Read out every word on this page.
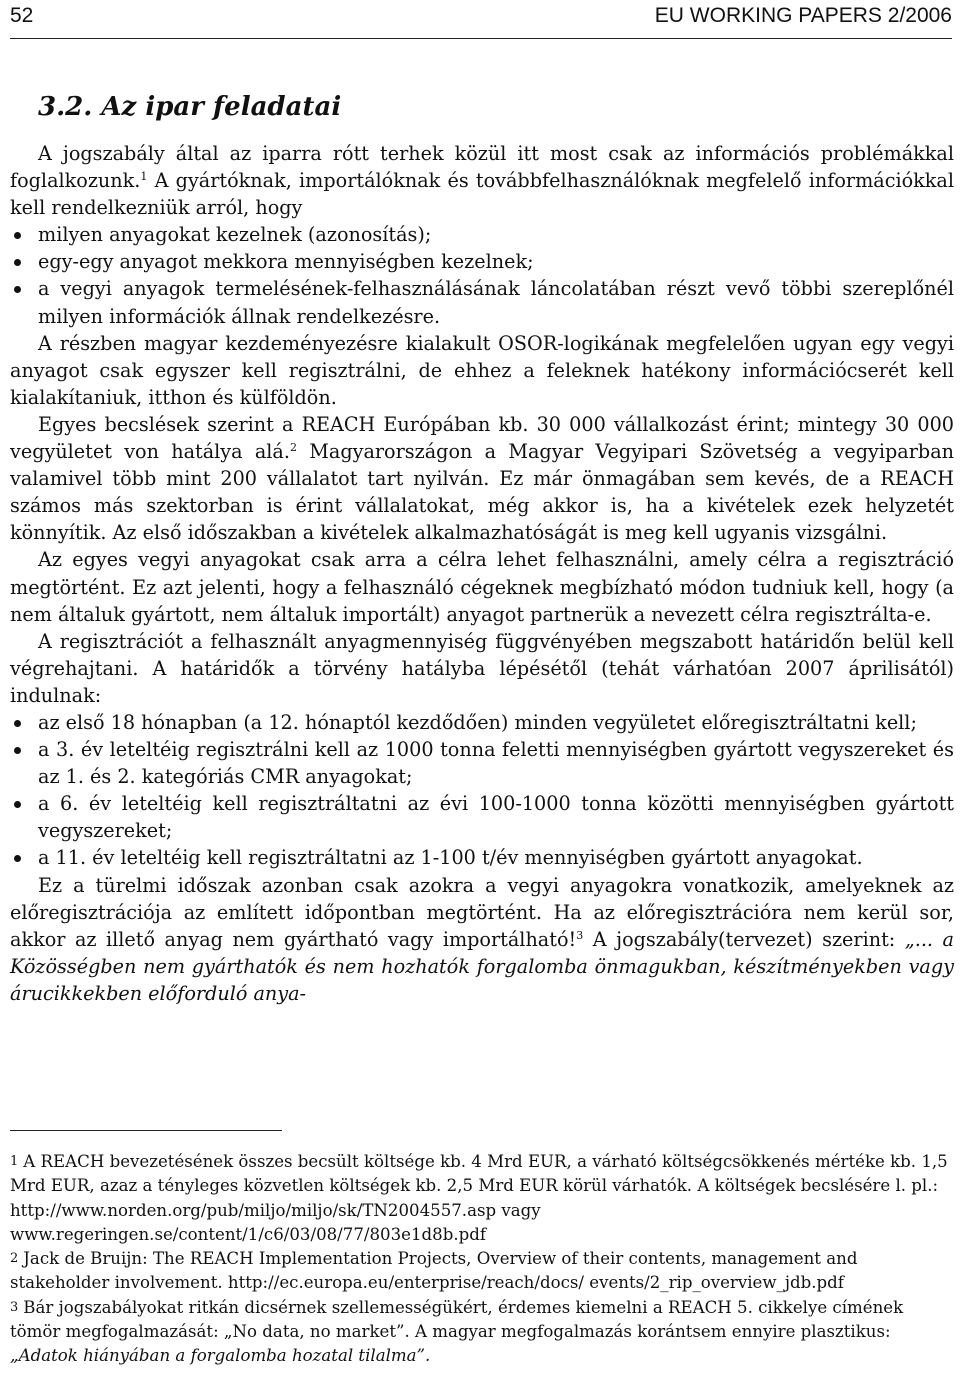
52	EU WORKING PAPERS 2/2006
3.2. Az ipar feladatai

A jogszabály által az iparra rótt terhek közül itt most csak az információs problémákkal foglalkozunk.$^1$ A gyártóknak, importálóknak és továbbfelhasználóknak megfelelő információkkal kell rendelkezniük arról, hogy

milyen anyagokat kezelnek (azonosítás);
egy-egy anyagot mekkora mennyiségben kezelnek;
a vegyi anyagok termelésének-felhasználásának láncolatában részt vevő többi szereplőnél milyen információk állnak rendelkezésre.

A részben magyar kezdeményezésre kialakult OSOR-logikának megfelelően ugyan egy vegyi anyagot csak egyszer kell regisztrálni, de ehhez a feleknek hatékony információcserét kell kialakítaniuk, itthon és külföldön.

Egyes becslések szerint a REACH Európában kb. 30 000 vállalkozást érint; mintegy 30 000 vegyületet von hatálya alá.$^2$ Magyarországon a Magyar Vegyipari Szövetség a vegyiparban valamivel több mint 200 vállalatot tart nyilván. Ez már önmagában sem kevés, de a REACH számos más szektorban is érint vállalatokat, még akkor is, ha a kivételek ezek helyzetét könnyítik. Az első időszakban a kivételek alkalmazhatóságát is meg kell ugyanis vizsgálni.

Az egyes vegyi anyagokat csak arra a célra lehet felhasználni, amely célra a regisztráció megtörtént. Ez azt jelenti, hogy a felhasználó cégeknek megbízható módon tudniuk kell, hogy (a nem általuk gyártott, nem általuk importált) anyagot partnerük a nevezett célra regisztrálta-e.

A regisztrációt a felhasznált anyagmennyiség függvényében megszabott határidőn belül kell végrehajtani. A határidők a törvény hatályba lépésétől (tehát várhatóan 2007 áprilisától) indulnak:

az első 18 hónapban (a 12. hónaptól kezdődően) minden vegyületet előregisztráltatni kell;
a 3. év leteltéig regisztrálni kell az 1000 tonna feletti mennyiségben gyártott vegyszereket és az 1. és 2. kategóriás CMR anyagokat;
a 6. év leteltéig kell regisztráltatni az évi 100-1000 tonna közötti mennyiségben gyártott vegyszereket;
a 11. év leteltéig kell regisztráltatni az 1-100 t/év mennyiségben gyártott anyagokat.

Ez a türelmi időszak azonban csak azokra a vegyi anyagokra vonatkozik, amelyeknek az előregisztrációja az említett időpontban megtörtént. Ha az előregisztrációra nem kerül sor, akkor az illető anyag nem gyártható vagy importálható!$^3$ A jogszabály(tervezet) szerint: „... a Közösségben nem gyárthatók és nem hozhatók forgalomba önmagukban, készítményekben vagy árucikkekben előforduló anya-

1 A REACH bevezetésének összes becsült költsége kb. 4 Mrd EUR, a várható költségcsökkenés mértéke kb. 1,5 Mrd EUR, azaz a tényleges közvetlen költségek kb. 2,5 Mrd EUR körül várhatók. A költségek becslésére l. pl.: http://www.norden.org/pub/miljo/miljo/sk/TN2004557.asp vagy www.regeringen.se/content/1/c6/03/08/77/803e1d8b.pdf

2 Jack de Bruijn: The REACH Implementation Projects, Overview of their contents, management and stakeholder involvement. http://ec.europa.eu/enterprise/reach/docs/ events/2_rip_overview_jdb.pdf

3 Bár jogszabályokat ritkán dicsérnek szellemességükért, érdemes kiemelni a REACH 5. cikkelye címének tömör megfogalmazását: „No data, no market”. A magyar megfogalmazás korántsem ennyire plasztikus: „Adatok hiányában a forgalomba hozatal tilalma”.
